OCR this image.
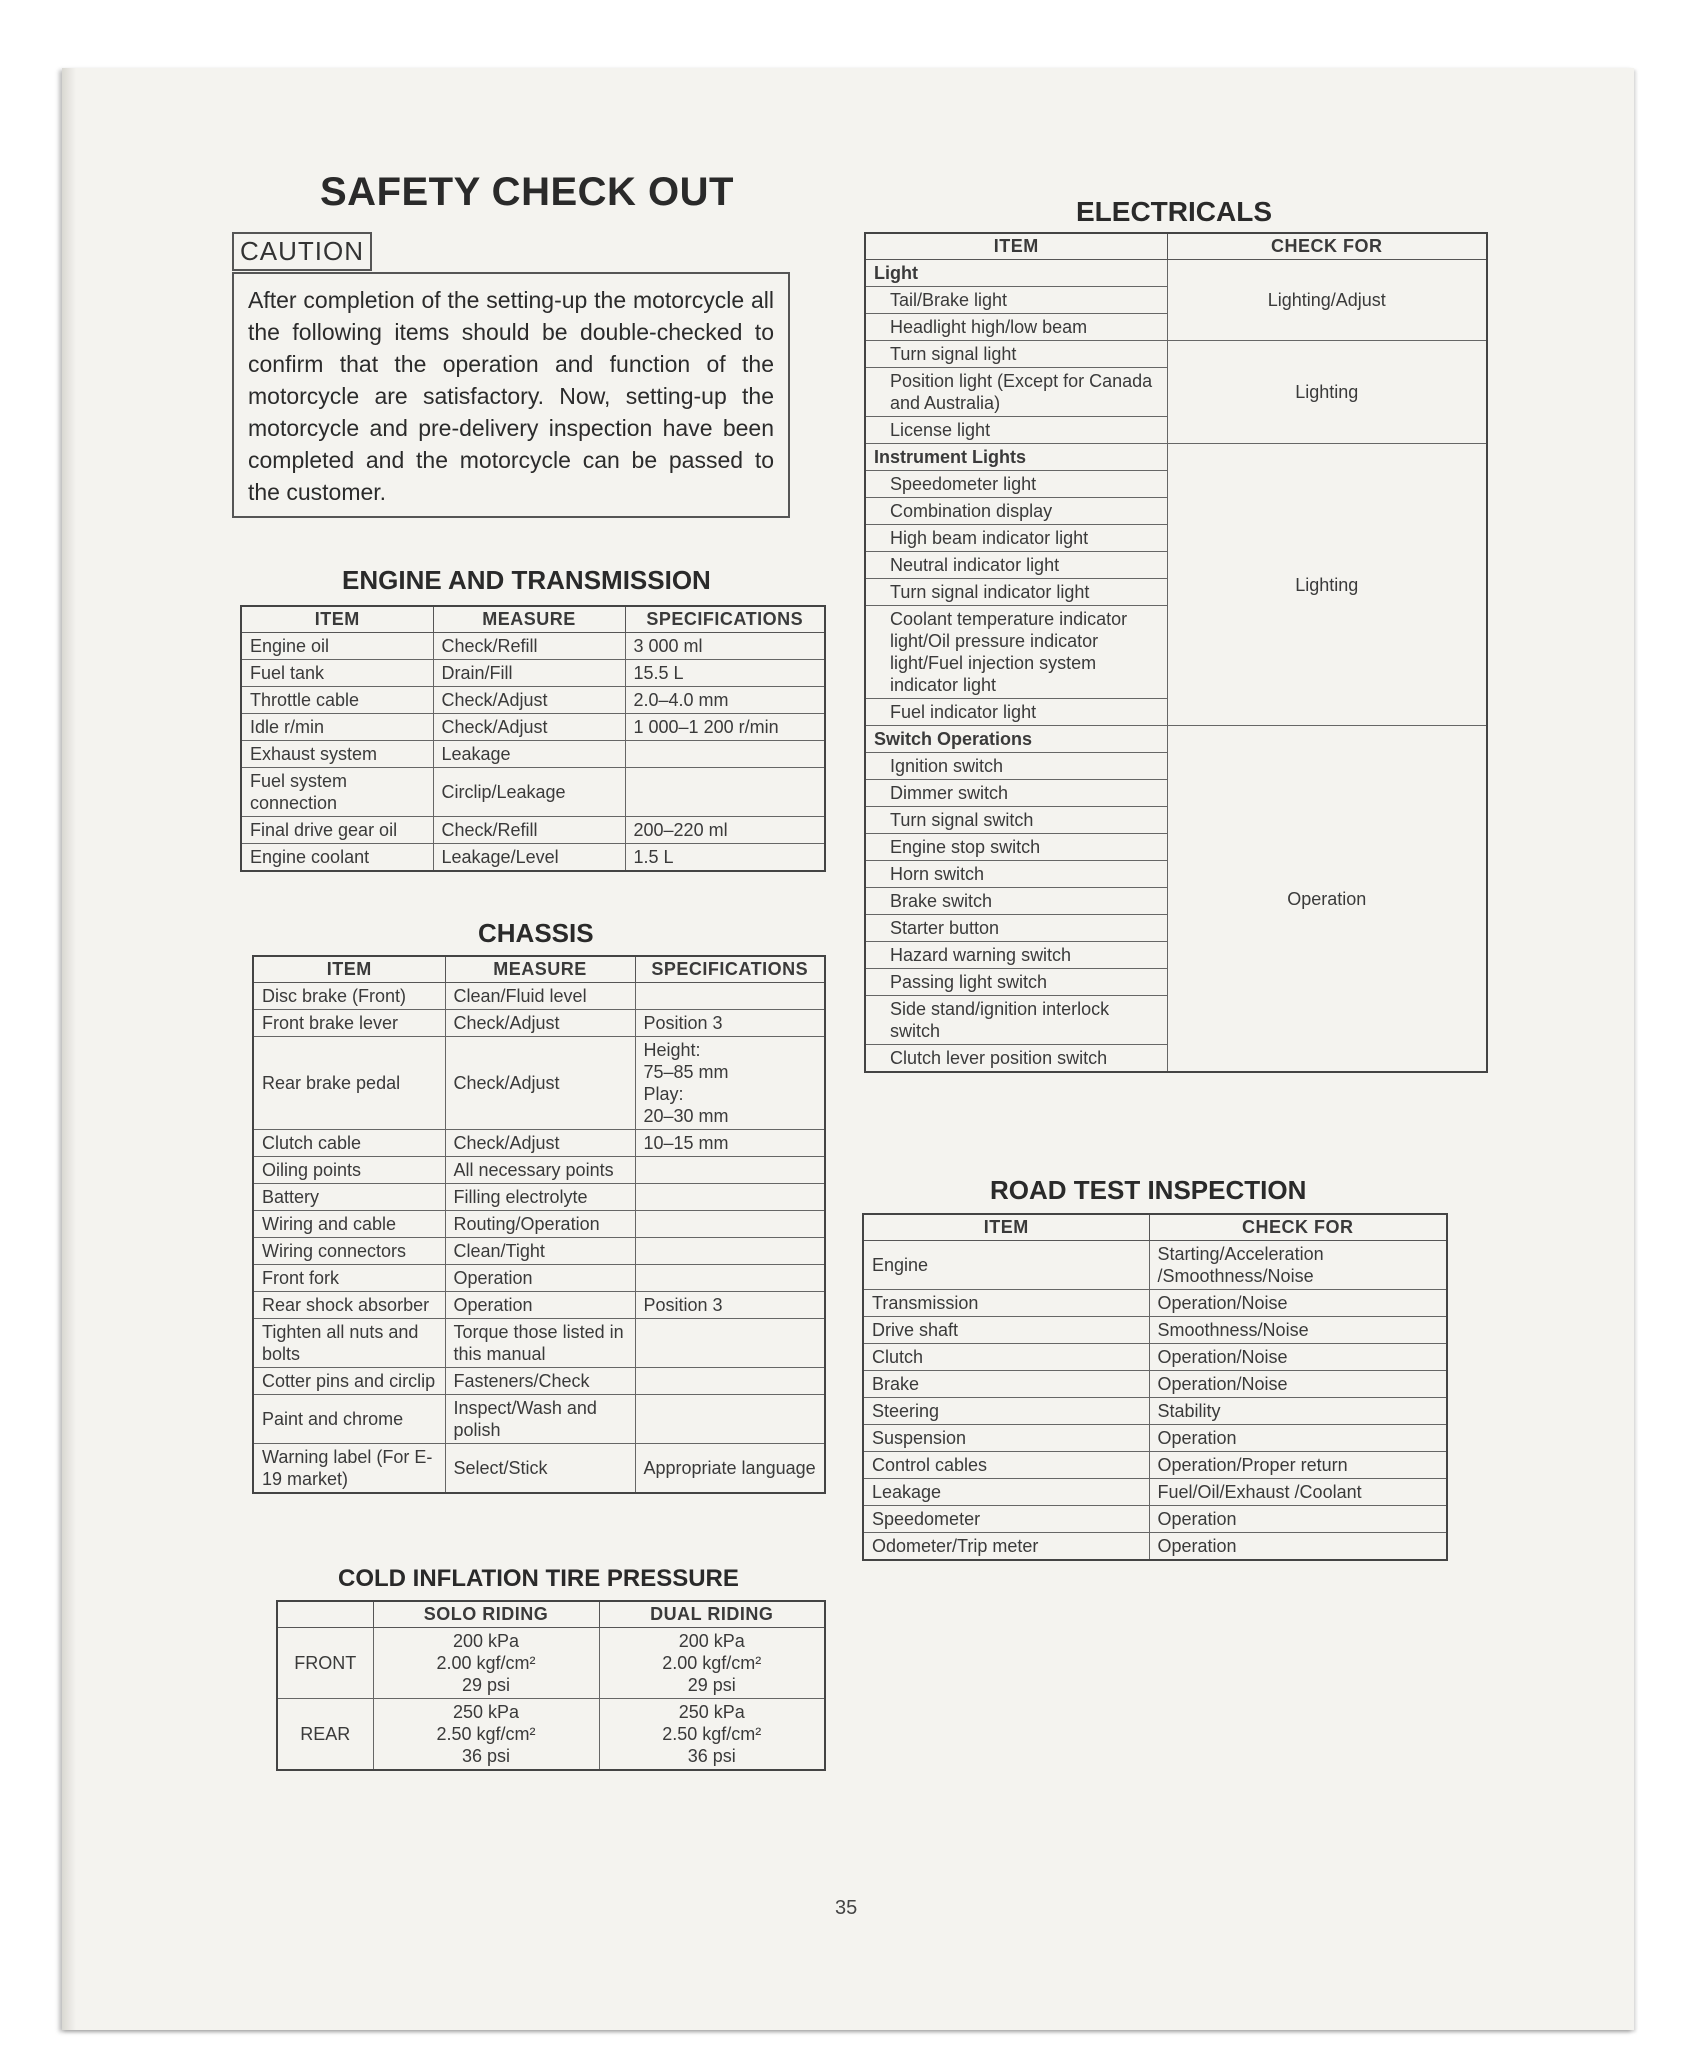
SAFETY CHECK OUT
CAUTION
After completion of the setting-up the motorcycle all the following items should be double-checked to confirm that the operation and function of the motorcycle are satisfactory. Now, setting-up the motorcycle and pre-delivery inspection have been completed and the motorcycle can be passed to the customer.
ENGINE AND TRANSMISSION
ITEM	MEASURE	SPECIFICATIONS
Engine oil	Check/Refill	3 000 ml
Fuel tank	Drain/Fill	15.5 L
Throttle cable	Check/Adjust	2.0–4.0 mm
Idle r/min	Check/Adjust	1 000–1 200 r/min
Exhaust system	Leakage	
Fuel system connection	Circlip/Leakage	
Final drive gear oil	Check/Refill	200–220 ml
Engine coolant	Leakage/Level	1.5 L
CHASSIS
ITEM	MEASURE	SPECIFICATIONS
Disc brake (Front)	Clean/Fluid level	
Front brake lever	Check/Adjust	Position 3
Rear brake pedal	Check/Adjust	Height:
75–85 mm
Play:
20–30 mm
Clutch cable	Check/Adjust	10–15 mm
Oiling points	All necessary points	
Battery	Filling electrolyte	
Wiring and cable	Routing/Operation	
Wiring connectors	Clean/Tight	
Front fork	Operation	
Rear shock absorber	Operation	Position 3
Tighten all nuts and bolts	Torque those listed in this manual	
Cotter pins and circlip	Fasteners/Check	
Paint and chrome	Inspect/Wash and polish	
Warning label (For E-19 market)	Select/Stick	Appropriate language
COLD INFLATION TIRE PRESSURE
	SOLO RIDING	DUAL RIDING
FRONT	200 kPa
2.00 kgf/cm²
29 psi	200 kPa
2.00 kgf/cm²
29 psi
REAR	250 kPa
2.50 kgf/cm²
36 psi	250 kPa
2.50 kgf/cm²
36 psi
ELECTRICALS
ITEM	CHECK FOR
Light	Lighting/Adjust
Tail/Brake light	
Headlight high/low beam	
Turn signal light	Lighting
Position light (Except for Canada and Australia)	
License light	
Instrument Lights	Lighting
Speedometer light	
Combination display	
High beam indicator light	
Neutral indicator light	
Turn signal indicator light	
Coolant temperature indicator light/Oil pressure indicator light/Fuel injection system indicator light	
Fuel indicator light	
Switch Operations	Operation
Ignition switch	
Dimmer switch	
Turn signal switch	
Engine stop switch	
Horn switch	
Brake switch	
Starter button	
Hazard warning switch	
Passing light switch	
Side stand/ignition interlock switch	
Clutch lever position switch	
ROAD TEST INSPECTION
ITEM	CHECK FOR
Engine	Starting/Acceleration /Smoothness/Noise
Transmission	Operation/Noise
Drive shaft	Smoothness/Noise
Clutch	Operation/Noise
Brake	Operation/Noise
Steering	Stability
Suspension	Operation
Control cables	Operation/Proper return
Leakage	Fuel/Oil/Exhaust /Coolant
Speedometer	Operation
Odometer/Trip meter	Operation
35
